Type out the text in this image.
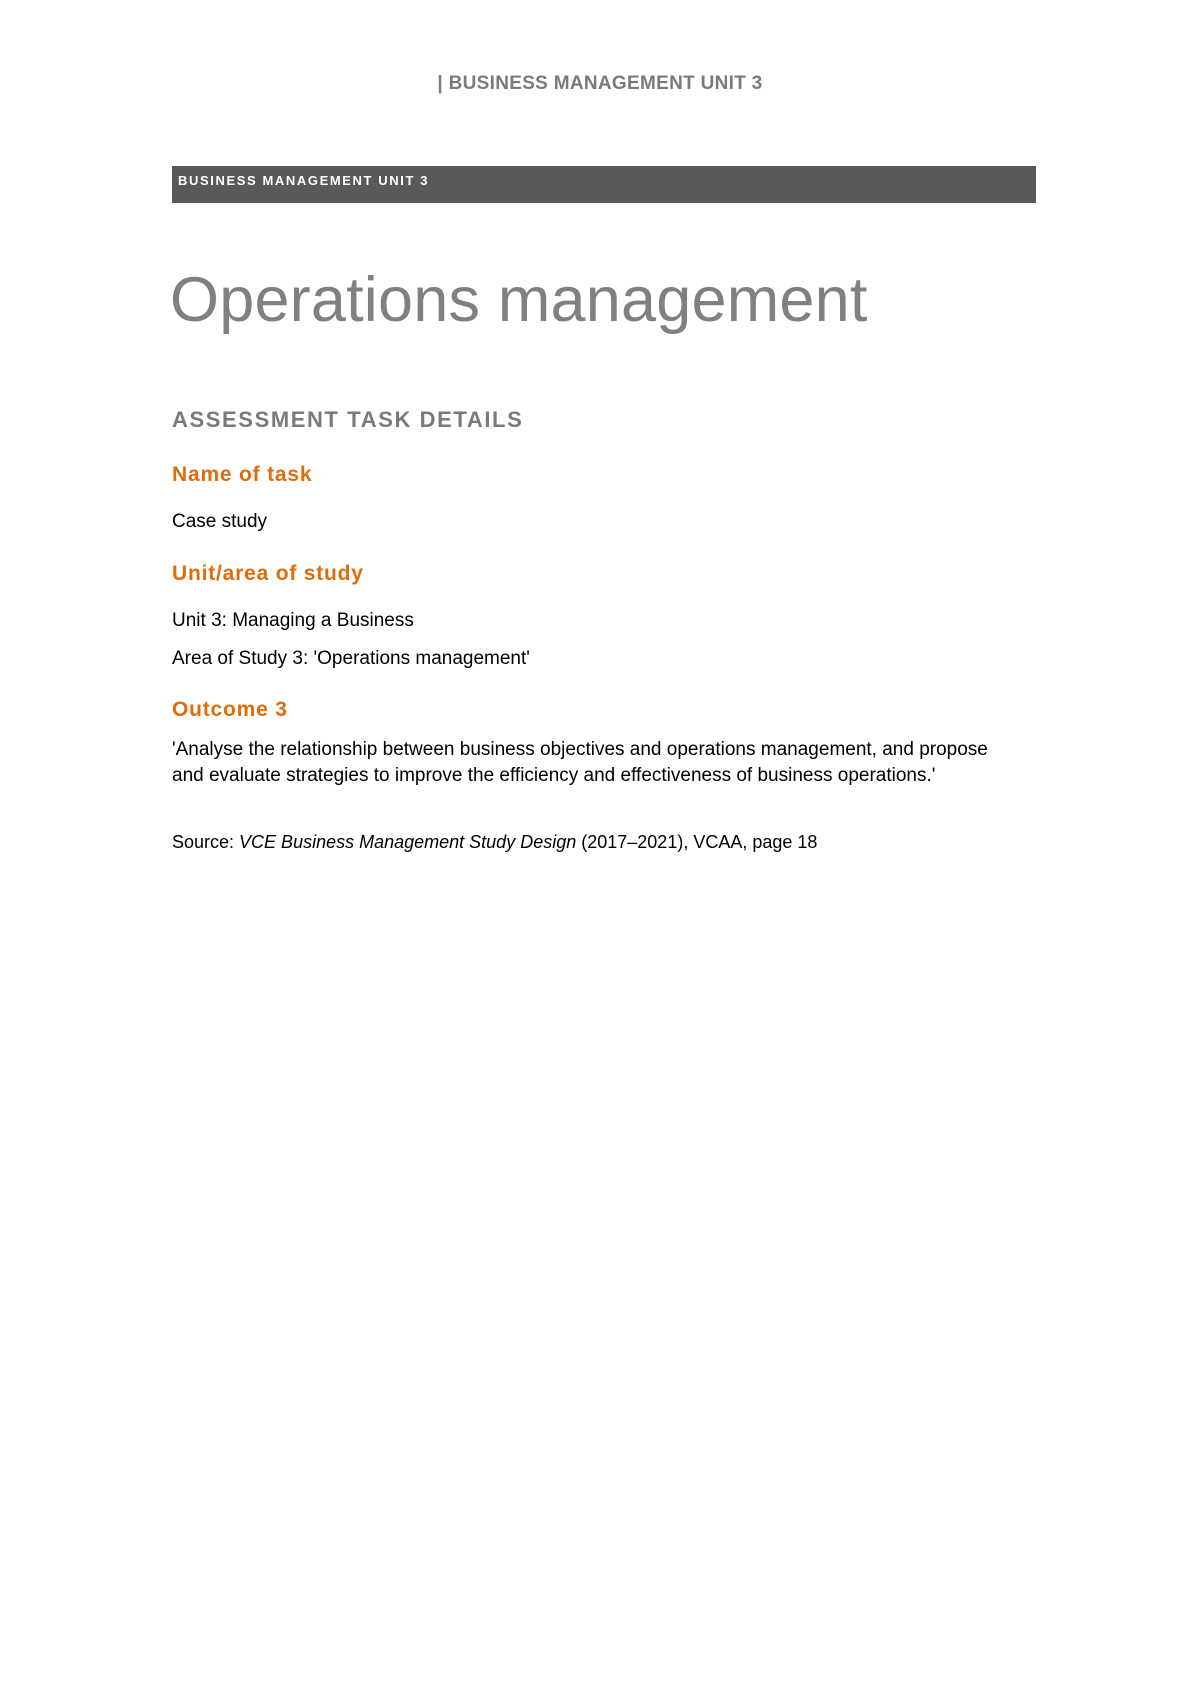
| BUSINESS MANAGEMENT UNIT 3
BUSINESS MANAGEMENT UNIT 3
Operations management
ASSESSMENT TASK DETAILS
Name of task

Case study

Unit/area of study

Unit 3: Managing a Business

Area of Study 3: 'Operations management'

Outcome 3

'Analyse the relationship between business objectives and operations management, and propose and evaluate strategies to improve the efficiency and effectiveness of business operations.'

Source: VCE Business Management Study Design (2017–2021), VCAA, page 18
